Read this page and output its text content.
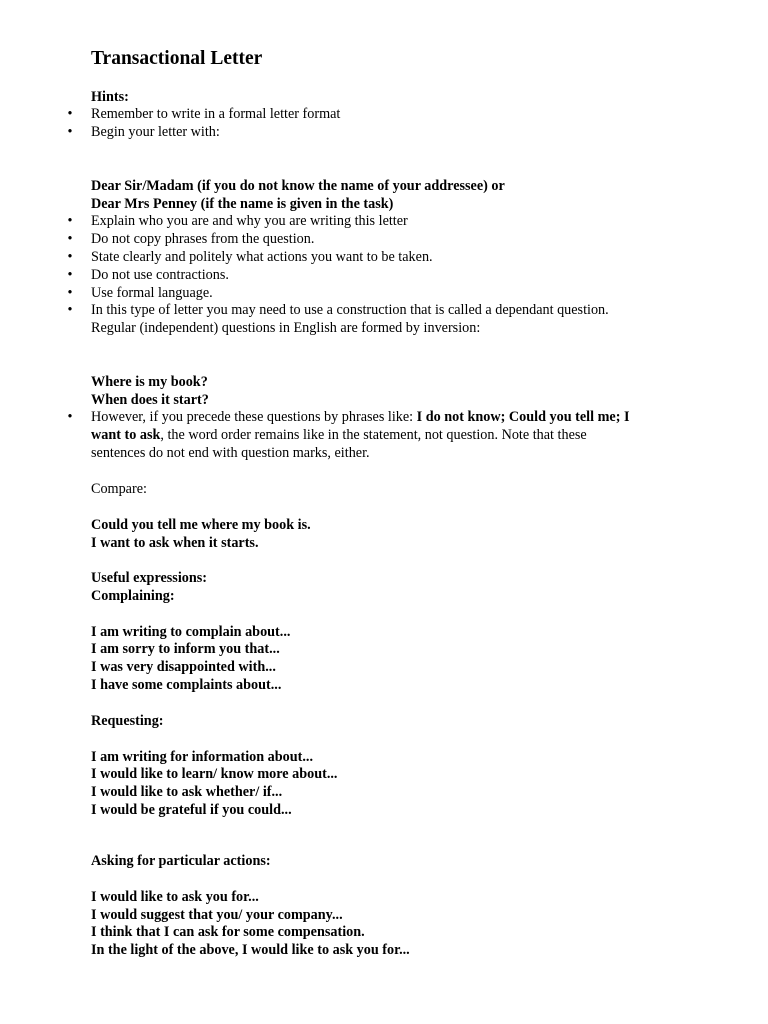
Transactional Letter
Hints:
• Remember to write in a formal letter format
• Begin your letter with:
Dear Sir/Madam (if you do not know the name of your addressee) or
Dear Mrs Penney (if the name is given in the task)
• Explain who you are and why you are writing this letter
• Do not copy phrases from the question.
• State clearly and politely what actions you want to be taken.
• Do not use contractions.
• Use formal language.
• In this type of letter you may need to use a construction that is called a dependant question.
Regular (independent) questions in English are formed by inversion:
Where is my book?
When does it start?
• However, if you precede these questions by phrases like: I do not know; Could you tell me; I
want to ask, the word order remains like in the statement, not question. Note that these
sentences do not end with question marks, either.
Compare:
Could you tell me where my book is.
I want to ask when it starts.
Useful expressions:
Complaining:
I am writing to complain about...
I am sorry to inform you that...
I was very disappointed with...
I have some complaints about...
Requesting:
I am writing for information about...
I would like to learn/ know more about...
I would like to ask whether/ if...
I would be grateful if you could...
Asking for particular actions:
I would like to ask you for...
I would suggest that you/ your company...
I think that I can ask for some compensation.
In the light of the above, I would like to ask you for...
